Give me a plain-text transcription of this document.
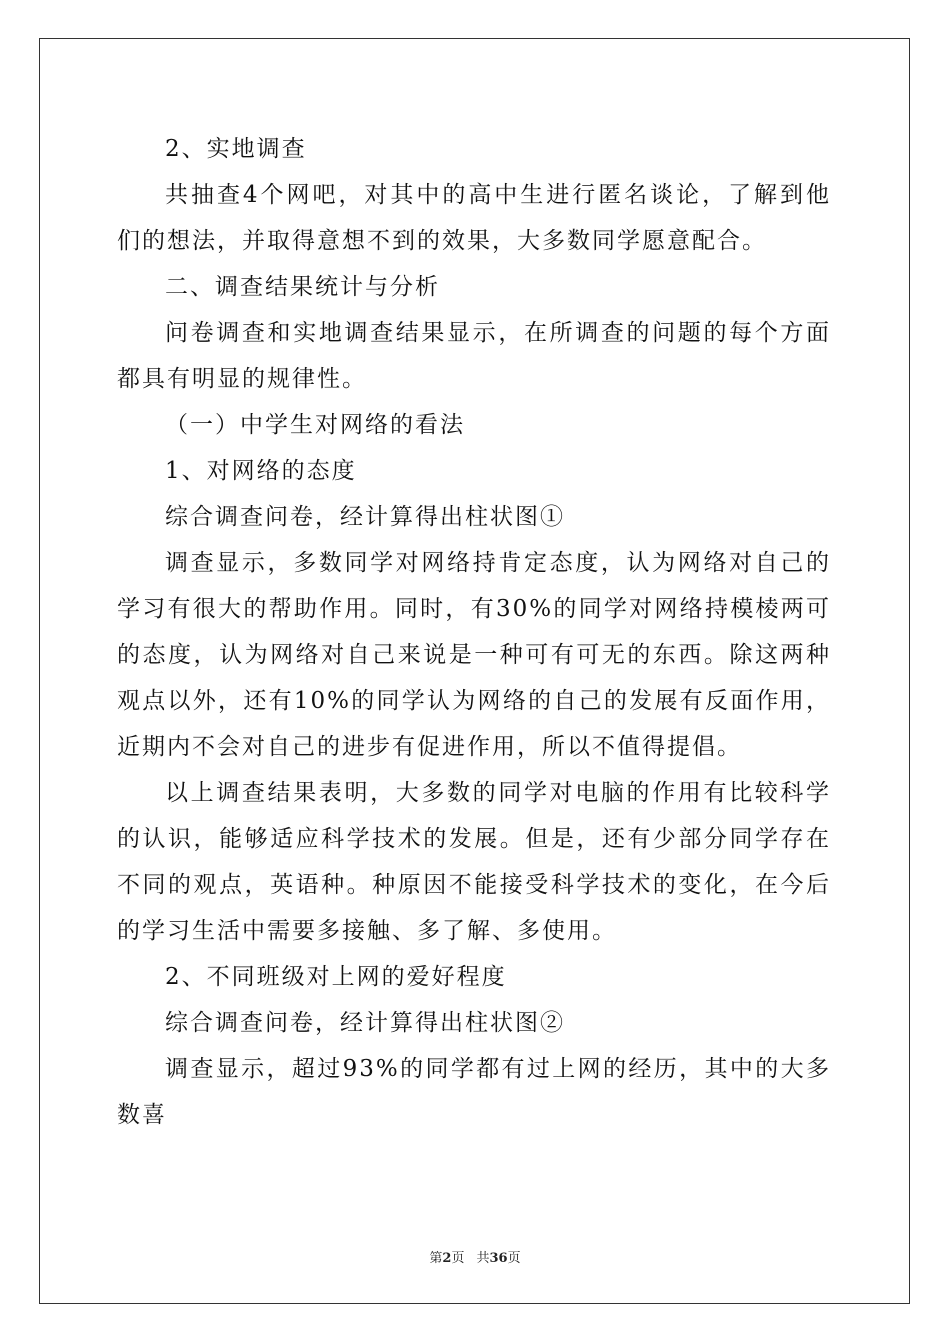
2、实地调查

共抽查4个网吧，对其中的高中生进行匿名谈论，了解到他们的想法，并取得意想不到的效果，大多数同学愿意配合。

二、调查结果统计与分析

问卷调查和实地调查结果显示，在所调查的问题的每个方面都具有明显的规律性。

（一）中学生对网络的看法

1、对网络的态度

综合调查问卷，经计算得出柱状图①

调查显示，多数同学对网络持肯定态度，认为网络对自己的学习有很大的帮助作用。同时，有30%的同学对网络持模棱两可的态度，认为网络对自己来说是一种可有可无的东西。除这两种观点以外，还有10%的同学认为网络的自己的发展有反面作用，近期内不会对自己的进步有促进作用，所以不值得提倡。

以上调查结果表明，大多数的同学对电脑的作用有比较科学的认识，能够适应科学技术的发展。但是，还有少部分同学存在不同的观点，英语种。种原因不能接受科学技术的变化，在今后的学习生活中需要多接触、多了解、多使用。

2、不同班级对上网的爱好程度

综合调查问卷，经计算得出柱状图②

调查显示，超过93%的同学都有过上网的经历，其中的大多数喜

第2页 共36页
